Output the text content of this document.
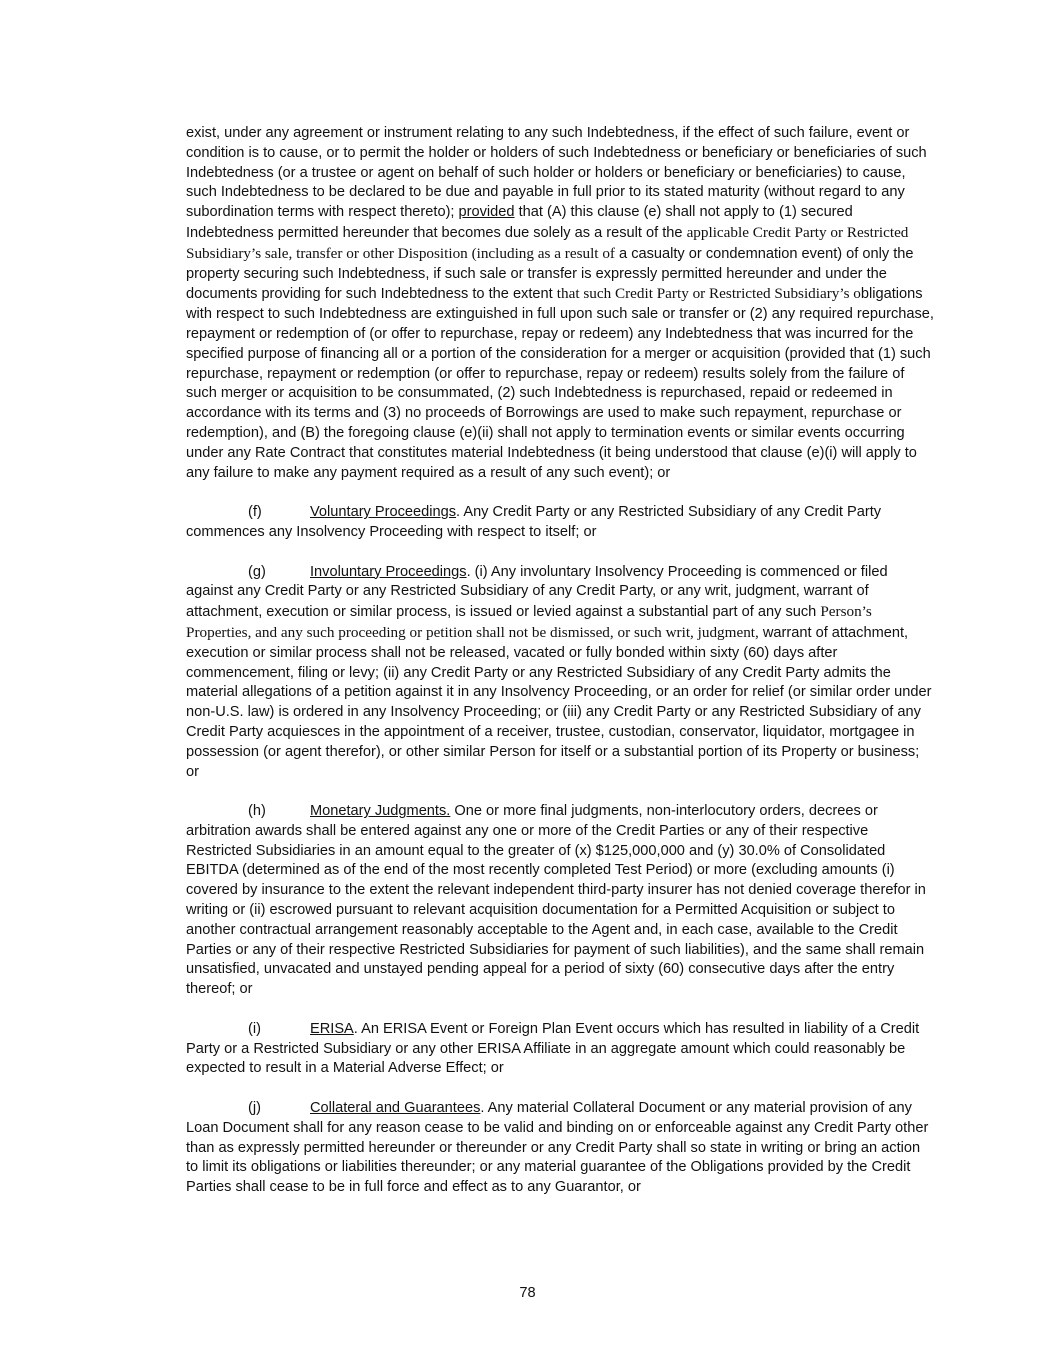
exist, under any agreement or instrument relating to any such Indebtedness, if the effect of such failure, event or condition is to cause, or to permit the holder or holders of such Indebtedness or beneficiary or beneficiaries of such Indebtedness (or a trustee or agent on behalf of such holder or holders or beneficiary or beneficiaries) to cause, such Indebtedness to be declared to be due and payable in full prior to its stated maturity (without regard to any subordination terms with respect thereto); provided that (A) this clause (e) shall not apply to (1) secured Indebtedness permitted hereunder that becomes due solely as a result of the applicable Credit Party or Restricted Subsidiary’s sale, transfer or other Disposition (including as a result of a casualty or condemnation event) of only the property securing such Indebtedness, if such sale or transfer is expressly permitted hereunder and under the documents providing for such Indebtedness to the extent that such Credit Party or Restricted Subsidiary’s obligations with respect to such Indebtedness are extinguished in full upon such sale or transfer or (2) any required repurchase, repayment or redemption of (or offer to repurchase, repay or redeem) any Indebtedness that was incurred for the specified purpose of financing all or a portion of the consideration for a merger or acquisition (provided that (1) such repurchase, repayment or redemption (or offer to repurchase, repay or redeem) results solely from the failure of such merger or acquisition to be consummated, (2) such Indebtedness is repurchased, repaid or redeemed in accordance with its terms and (3) no proceeds of Borrowings are used to make such repayment, repurchase or redemption), and (B) the foregoing clause (e)(ii) shall not apply to termination events or similar events occurring under any Rate Contract that constitutes material Indebtedness (it being understood that clause (e)(i) will apply to any failure to make any payment required as a result of any such event); or

(f)	Voluntary Proceedings. Any Credit Party or any Restricted Subsidiary of any Credit Party commences any Insolvency Proceeding with respect to itself; or

(g)	Involuntary Proceedings. (i) Any involuntary Insolvency Proceeding is commenced or filed against any Credit Party or any Restricted Subsidiary of any Credit Party, or any writ, judgment, warrant of attachment, execution or similar process, is issued or levied against a substantial part of any such Person’s Properties, and any such proceeding or petition shall not be dismissed, or such writ, judgment, warrant of attachment, execution or similar process shall not be released, vacated or fully bonded within sixty (60) days after commencement, filing or levy; (ii) any Credit Party or any Restricted Subsidiary of any Credit Party admits the material allegations of a petition against it in any Insolvency Proceeding, or an order for relief (or similar order under non-U.S. law) is ordered in any Insolvency Proceeding; or (iii) any Credit Party or any Restricted Subsidiary of any Credit Party acquiesces in the appointment of a receiver, trustee, custodian, conservator, liquidator, mortgagee in possession (or agent therefor), or other similar Person for itself or a substantial portion of its Property or business; or

(h)	Monetary Judgments. One or more final judgments, non-interlocutory orders, decrees or arbitration awards shall be entered against any one or more of the Credit Parties or any of their respective Restricted Subsidiaries in an amount equal to the greater of (x) $125,000,000 and (y) 30.0% of Consolidated EBITDA (determined as of the end of the most recently completed Test Period) or more (excluding amounts (i) covered by insurance to the extent the relevant independent third-party insurer has not denied coverage therefor in writing or (ii) escrowed pursuant to relevant acquisition documentation for a Permitted Acquisition or subject to another contractual arrangement reasonably acceptable to the Agent and, in each case, available to the Credit Parties or any of their respective Restricted Subsidiaries for payment of such liabilities), and the same shall remain unsatisfied, unvacated and unstayed pending appeal for a period of sixty (60) consecutive days after the entry thereof; or

(i)	ERISA. An ERISA Event or Foreign Plan Event occurs which has resulted in liability of a Credit Party or a Restricted Subsidiary or any other ERISA Affiliate in an aggregate amount which could reasonably be expected to result in a Material Adverse Effect; or

(j)	Collateral and Guarantees. Any material Collateral Document or any material provision of any Loan Document shall for any reason cease to be valid and binding on or enforceable against any Credit Party other than as expressly permitted hereunder or thereunder or any Credit Party shall so state in writing or bring an action to limit its obligations or liabilities thereunder; or any material guarantee of the Obligations provided by the Credit Parties shall cease to be in full force and effect as to any Guarantor, or

78
